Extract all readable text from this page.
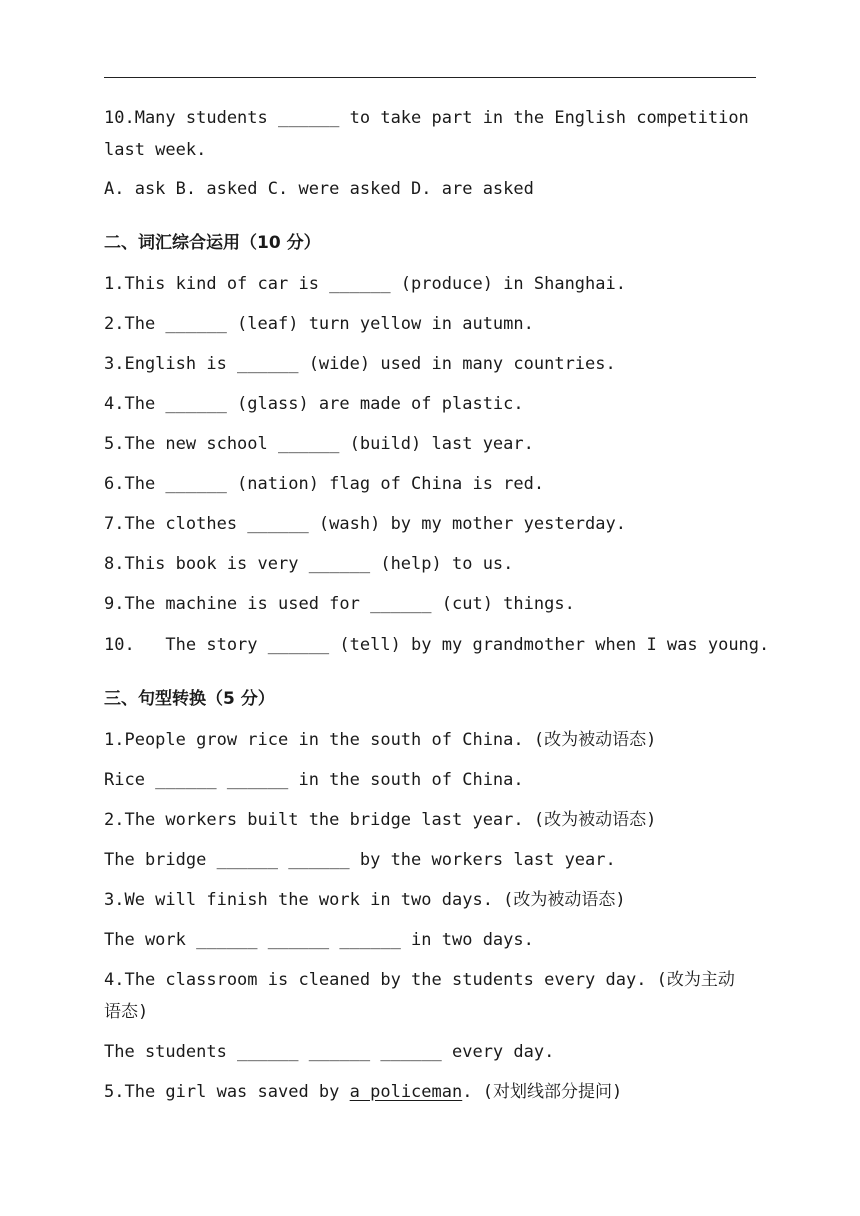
10.Many students ______ to take part in the English competition
last week.
A. ask B. asked C. were asked D. are asked
二、词汇综合运用（10 分）
1.This kind of car is ______ (produce) in Shanghai.
2.The ______ (leaf) turn yellow in autumn.
3.English is ______ (wide) used in many countries.
4.The ______ (glass) are made of plastic.
5.The new school ______ (build) last year.
6.The ______ (nation) flag of China is red.
7.The clothes ______ (wash) by my mother yesterday.
8.This book is very ______ (help) to us.
9.The machine is used for ______ (cut) things.
10.   The story ______ (tell) by my grandmother when I was young.
三、句型转换（5 分）
1.People grow rice in the south of China. (改为被动语态)
Rice ______ ______ in the south of China.
2.The workers built the bridge last year. (改为被动语态)
The bridge ______ ______ by the workers last year.
3.We will finish the work in two days. (改为被动语态)
The work ______ ______ ______ in two days.
4.The classroom is cleaned by the students every day. (改为主动
语态)
The students ______ ______ ______ every day.
5.The girl was saved by a policeman. (对划线部分提问)
